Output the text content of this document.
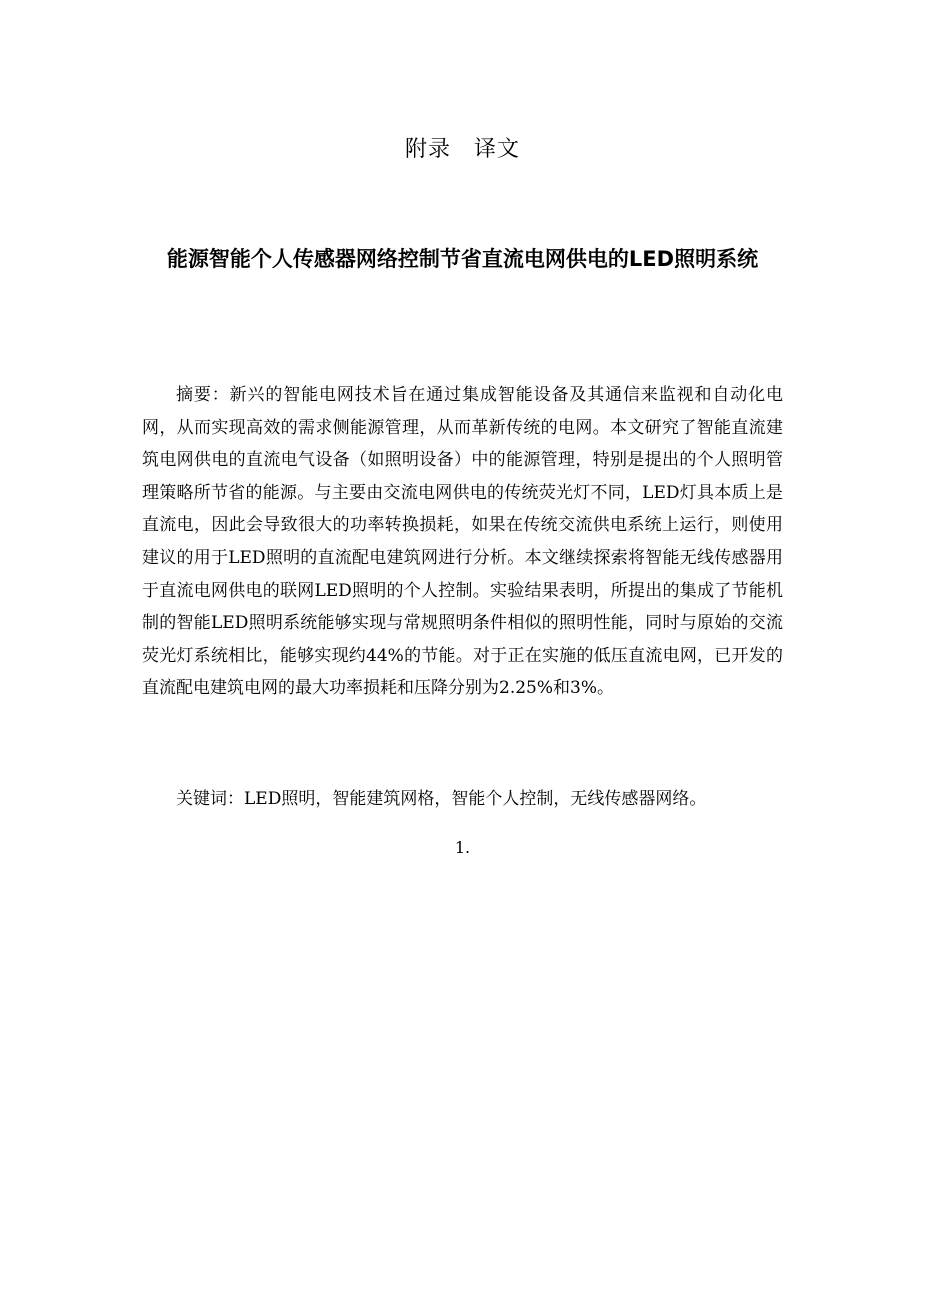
附录　译文
能源智能个人传感器网络控制节省直流电网供电的LED照明系统

摘要：新兴的智能电网技术旨在通过集成智能设备及其通信来监视和自动化电网，从而实现高效的需求侧能源管理，从而革新传统的电网。本文研究了智能直流建筑电网供电的直流电气设备（如照明设备）中的能源管理，特别是提出的个人照明管理策略所节省的能源。与主要由交流电网供电的传统荧光灯不同，LED灯具本质上是直流电，因此会导致很大的功率转换损耗，如果在传统交流供电系统上运行，则使用建议的用于LED照明的直流配电建筑网进行分析。本文继续探索将智能无线传感器用于直流电网供电的联网LED照明的个人控制。实验结果表明，所提出的集成了节能机制的智能LED照明系统能够实现与常规照明条件相似的照明性能，同时与原始的交流荧光灯系统相比，能够实现约44%的节能。对于正在实施的低压直流电网，已开发的直流配电建筑电网的最大功率损耗和压降分别为2.25%和3%。

关键词：LED照明，智能建筑网格，智能个人控制，无线传感器网络。

1.
